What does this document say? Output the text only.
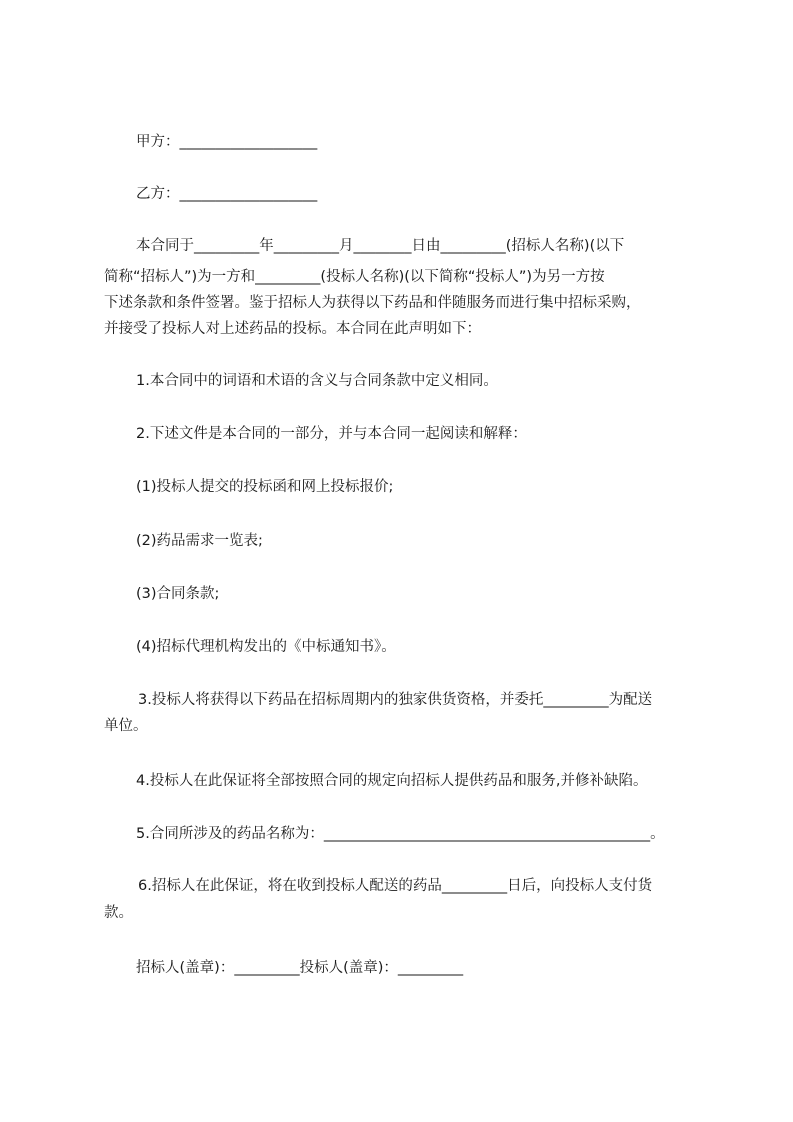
甲方：___________________
乙方：___________________
本合同于_________年_________月________日由_________(招标人名称)(以下
简称“招标人”)为一方和_________(投标人名称)(以下简称“投标人”)为另一方按
下述条款和条件签署。鉴于招标人为获得以下药品和伴随服务而进行集中招标采购，
并接受了投标人对上述药品的投标。本合同在此声明如下：
1.本合同中的词语和术语的含义与合同条款中定义相同。
2.下述文件是本合同的一部分，并与本合同一起阅读和解释：
(1)投标人提交的投标函和网上投标报价;
(2)药品需求一览表;
(3)合同条款;
(4)招标代理机构发出的《中标通知书》。
3.投标人将获得以下药品在招标周期内的独家供货资格，并委托_________为配送
单位。
4.投标人在此保证将全部按照合同的规定向招标人提供药品和服务,并修补缺陷。
5.合同所涉及的药品名称为：_____________________________________________。
6.招标人在此保证，将在收到投标人配送的药品_________日后，向投标人支付货
款。
招标人(盖章)：_________投标人(盖章)：_________
